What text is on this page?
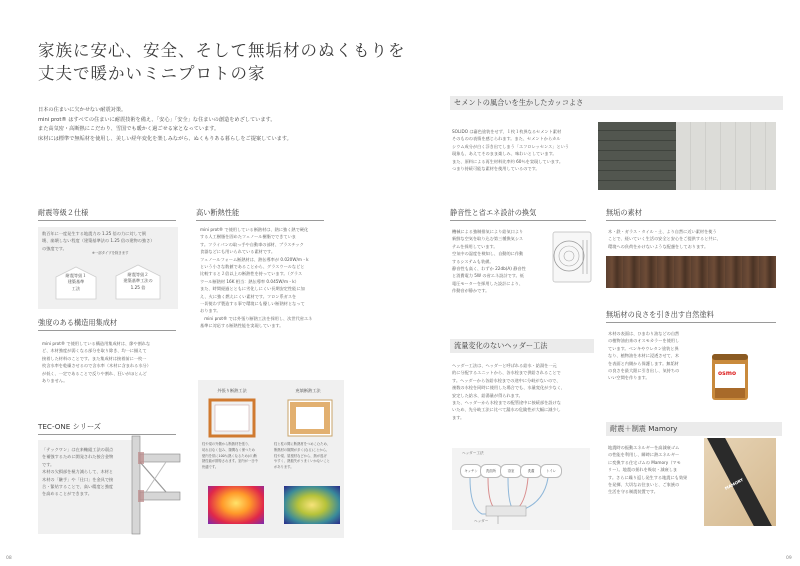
家族に安心、安全、そして無垢材のぬくもりを
丈夫で暖かいミニプロトの家

日本の住まいに欠かせない耐震対策。

mini prot® はすべての住まいに耐震技術を備え、「安心」「安全」な住まいの創造をめざしています。

また高気密・高断熱にこだわり、雪国でも暖かく過ごせる家となっています。

床材には標準で無垢材を使用し、美しい経年変化を楽しみながら、ぬくもりある暮らしをご提案しています。

セメントの風合いを生かしたカッコよさ

SOLIDO は審色塗装をせず、１枚１枚異なるセメント素材

そのものの表情を感じられます。また、セメントからカル

シウム成分が白く浮き出てしまう「エフロレッセンス」という

現象も、あえてそのまま楽しみ、味わいとしています。

また、原料による再生材料比率約 60％を実現しています。

つまり持続可能な素材を使用しているのです。

耐震等級２仕様

数百年に一度発生する地震力の 1.25 倍の力に対して倒

壊、崩壊しない程度（建築基準法の 1.25 倍の建物の強さ）

の強度です。

※一部タイプを除きます
耐震等級１
建築基準
工法
耐震等級２
建築基準工法の
1.25 倍
強度のある構造用集成材

mini prot® で使用している構造用集成材は、節や割れな

ど、木材強度が弱くなる部分を取り除き、均一に揃えて

接着した材料のことです。また集成材は接着前に一枚一

枚含水率を乾燥させるので含水率（木材に含まれる水分）

が低く、一定であることで反りや割れ、狂いがほとんど

ありません。

TEC-ONE シリーズ

「テックワン」は在来軸組工法の弱点

を補強するために開発された接合金物

です。

木材の欠損部を極力減らして、木材と

木材の「継手」や「仕口」を金具で接

合・緊結することで、高い精度と強度

を高めることができます。

高い断熱性能

mini prot® で使用している断熱材は、熱に強く熱で硬化

する人工樹脂を固めたフェノール樹脂でできていま

す。フライパンの取っ手や自動車の部材、プラスチック

食器などにも用いられている素材です。

フェノールフォーム断熱材は、熱伝導率が 0.020W/m・k

という小さな数値であることから、グラスウールなどと

比較すると２倍以上の断熱性を持っています。（グラス

ウール断熱材 16K 相当：熱伝導率 0.045W/m・k）

また、時間経過とともに劣化しにくい長期安定性能に加

え、火に強く燃えにくい素材です。フロン系ガスを

一切使わず製造する事で環境にも優しい断熱材となって

おります。

　mini prot® では外張り断熱工法を採用し、次世代省エネ

基準に対応する断熱性能を実現しています。

外張り断熱工法	充填断熱工法

柱や梁の外側から断熱材を張り、

切れ目なく包み、隙間なく保つため

壁内を常に100％熱くなるため(の)断

熱性能が期待されます。室内が一日中

快適です。

柱と柱の間に断熱材をつめこむため、

断熱材の隙間が多く(なる)ことから、

柱や梁、屋根材などから、熱が逃げ

やすく、熱損失がうまくいかないこと

があります。

静音性と省エネ設計の換気

機械による強制排気により給気口より

新鮮な空気を取り込む第三種換気シス

テムを採用しています。

空気中の湿度を検知し、自動的に作動

するシステムも装備。

静音性も高く、わずか 22db(A) 静音性

と消費電力 5W の省エネ設計です。低

電圧モーターを採用した設計により、

作動音が静かです。

流量変化のないヘッダー工法

ヘッダー工法は、ヘッダーと呼ばれる給水・給湯を一元

的に分配するユニットから、各水栓まで供給されることで

す。ヘッダーから各給水栓までの途中に分岐がないので、

複数の水栓を同時に使用した場合でも、水量変化が少なく、

安定した給水、給湯量が得られます。

また、ヘッダーから水栓までの配管途中に接続部を設けな

いため、先分岐工法に比べて漏水の危険性が大幅に減少し

ます。

ヘッダー工法
キッチン	洗面所	浴室	洗濯	トイレ
ヘッダー
無垢の素材

木・鉄・ガラス・タイル・土、より自然に近い素材を使う

ことで、経いていく生活の安全と安心をご提供すると共に、

環境への負荷をかけないような配慮をしております。

無垢材の良さを引き出す自然塗料

木材の表面は、ひまわり油などの自然

の植物油由来のオスモカラーを使用し

ています。ベンキやウレタン塗装と異

なり、植物油を木材に浸透させて、木

を表面と内側から保護します。無垢材

の良さを最大限に引き出し、気持ちの

いい空間を作ります。

osmo
耐震＋制震 Mamory

地震時の振動エネルギーを高減衰ゴム

の性能を利用し、瞬時に熱エネルギー

に変換する住宅ゴムの Mamory（マモ

リー）。地震の揺れを吸収・減衰しま

す。さらに繰り返し発生する地震にも効果

を発揮、大切なお住まいと、ご家族の

生活を守る制震装置です。

MAMORY
08	09
